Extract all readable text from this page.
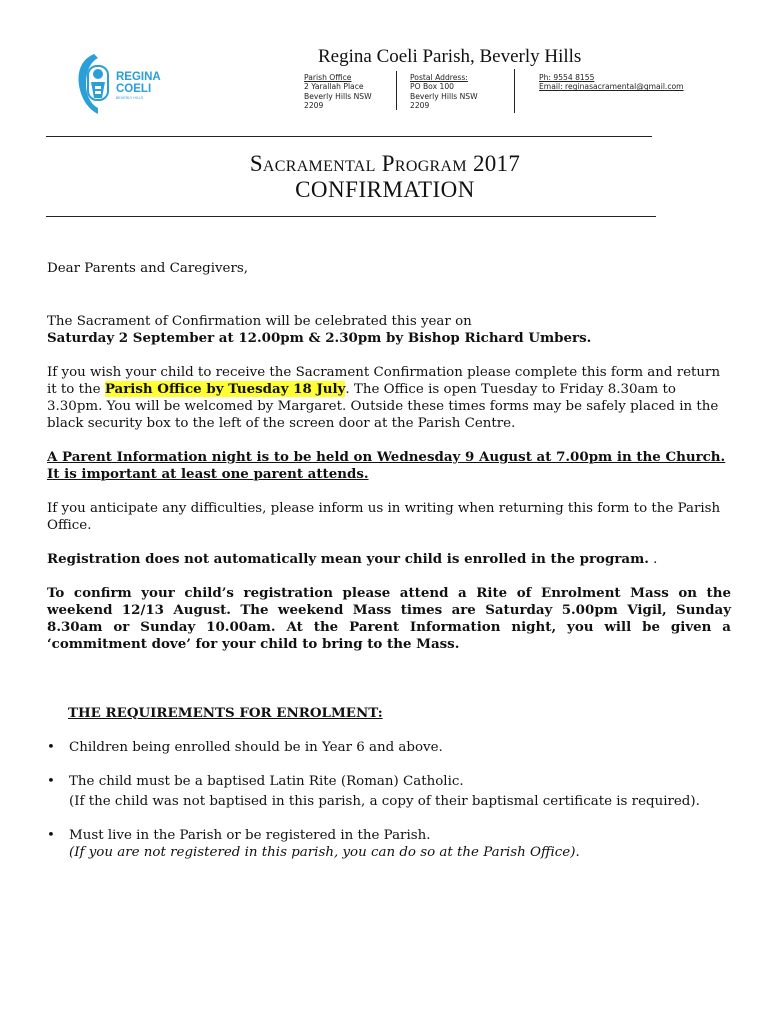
REGINA
COELI
BEVERLY HILLS
Regina Coeli Parish, Beverly Hills
Parish Office
2 Yarallah Place
Beverly Hills NSW
2209
Postal Address:
PO Box 100
Beverly Hills NSW
2209
Ph: 9554 8155
Email: reginasacramental@gmail.com
Sacramental Program 2017
CONFIRMATION

Dear Parents and Caregivers,

The Sacrament of Confirmation will be celebrated this year on
Saturday 2 September at 12.00pm & 2.30pm by Bishop Richard Umbers.

If you wish your child to receive the Sacrament Confirmation please complete this form and return it to the Parish Office by Tuesday 18 July. The Office is open Tuesday to Friday 8.30am to 3.30pm. You will be welcomed by Margaret. Outside these times forms may be safely placed in the black security box to the left of the screen door at the Parish Centre.

A Parent Information night is to be held on Wednesday 9 August at 7.00pm in the Church. It is important at least one parent attends.

If you anticipate any difficulties, please inform us in writing when returning this form to the Parish Office.

Registration does not automatically mean your child is enrolled in the program. .

To confirm your child’s registration please attend a Rite of Enrolment Mass on the weekend 12/13 August. The weekend Mass times are Saturday 5.00pm Vigil, Sunday 8.30am or Sunday 10.00am. At the Parent Information night, you will be given a ‘commitment dove’ for your child to bring to the Mass.

THE REQUIREMENTS FOR ENROLMENT:

• Children being enrolled should be in Year 6 and above.
• The child must be a baptised Latin Rite (Roman) Catholic.
(If the child was not baptised in this parish, a copy of their baptismal certificate is required).
• Must live in the Parish or be registered in the Parish.
(If you are not registered in this parish, you can do so at the Parish Office).
